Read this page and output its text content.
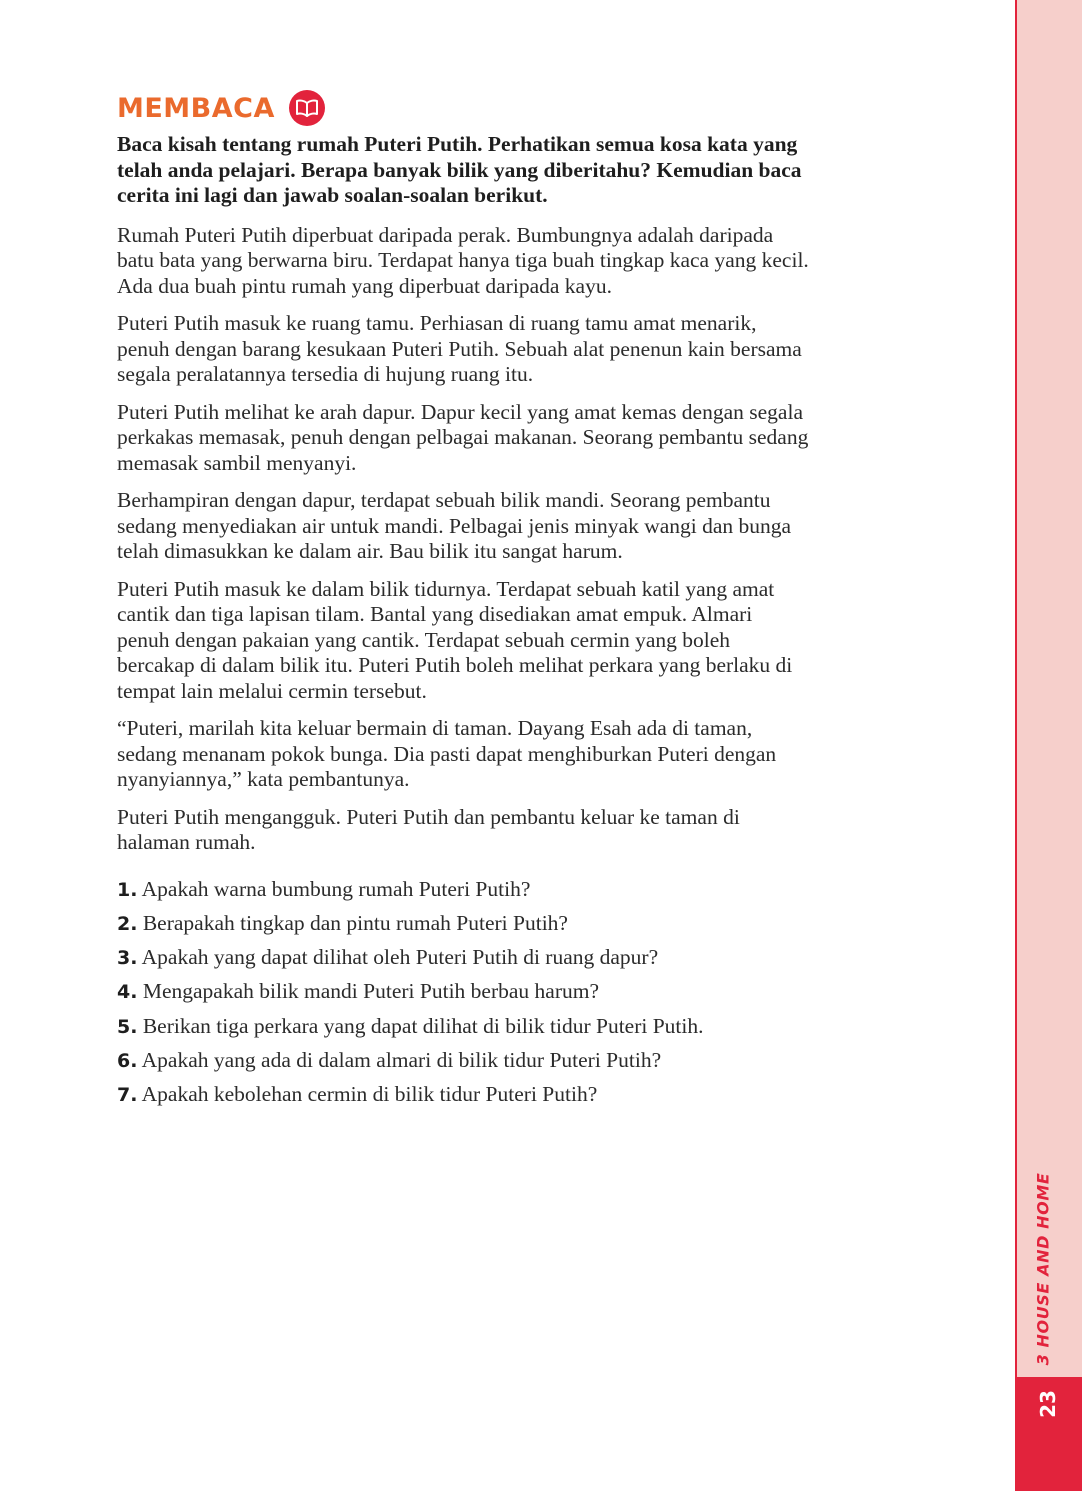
MEMBACA

Baca kisah tentang rumah Puteri Putih. Perhatikan semua kosa kata yang telah anda pelajari. Berapa banyak bilik yang diberitahu? Kemudian baca cerita ini lagi dan jawab soalan-soalan berikut.

Rumah Puteri Putih diperbuat daripada perak. Bumbungnya adalah daripada batu bata yang berwarna biru. Terdapat hanya tiga buah tingkap kaca yang kecil. Ada dua buah pintu rumah yang diperbuat daripada kayu.

Puteri Putih masuk ke ruang tamu. Perhiasan di ruang tamu amat menarik, penuh dengan barang kesukaan Puteri Putih. Sebuah alat penenun kain bersama segala peralatannya tersedia di hujung ruang itu.

Puteri Putih melihat ke arah dapur. Dapur kecil yang amat kemas dengan segala perkakas memasak, penuh dengan pelbagai makanan. Seorang pembantu sedang memasak sambil menyanyi.

Berhampiran dengan dapur, terdapat sebuah bilik mandi. Seorang pembantu sedang menyediakan air untuk mandi. Pelbagai jenis minyak wangi dan bunga telah dimasukkan ke dalam air. Bau bilik itu sangat harum.

Puteri Putih masuk ke dalam bilik tidurnya. Terdapat sebuah katil yang amat cantik dan tiga lapisan tilam. Bantal yang disediakan amat empuk. Almari penuh dengan pakaian yang cantik. Terdapat sebuah cermin yang boleh bercakap di dalam bilik itu. Puteri Putih boleh melihat perkara yang berlaku di tempat lain melalui cermin tersebut.

“Puteri, marilah kita keluar bermain di taman. Dayang Esah ada di taman, sedang menanam pokok bunga. Dia pasti dapat menghiburkan Puteri dengan nyanyiannya,” kata pembantunya.

Puteri Putih mengangguk. Puteri Putih dan pembantu keluar ke taman di halaman rumah.

1. Apakah warna bumbung rumah Puteri Putih?
2. Berapakah tingkap dan pintu rumah Puteri Putih?
3. Apakah yang dapat dilihat oleh Puteri Putih di ruang dapur?
4. Mengapakah bilik mandi Puteri Putih berbau harum?
5. Berikan tiga perkara yang dapat dilihat di bilik tidur Puteri Putih.
6. Apakah yang ada di dalam almari di bilik tidur Puteri Putih?
7. Apakah kebolehan cermin di bilik tidur Puteri Putih?
23
3 HOUSE AND HOME
